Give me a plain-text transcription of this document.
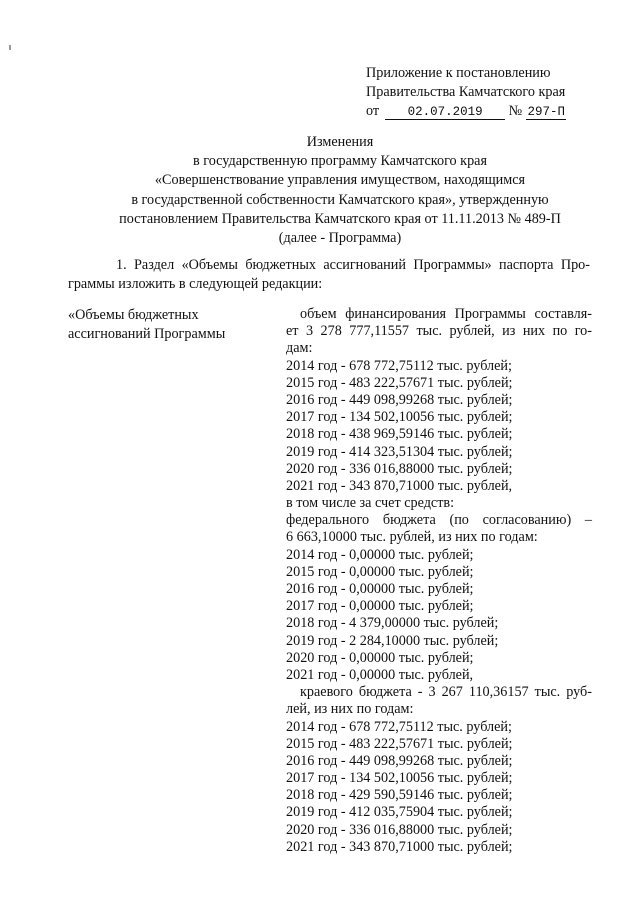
Приложение к постановлению
Правительства Камчатского края
от 02.07.2019 № 297-П
Изменения
в государственную программу Камчатского края
«Совершенствование управления имуществом, находящимся
в государственной собственности Камчатского края», утвержденную
постановлением Правительства Камчатского края от 11.11.2013 № 489-П
(далее - Программа)
1. Раздел «Объемы бюджетных ассигнований Программы» паспорта Про-
граммы изложить в следующей редакции:
«Объемы бюджетных
ассигнований Программы
объем финансирования Программы составля-
ет 3 278 777,11557 тыс. рублей, из них по го-
дам:
2014 год - 678 772,75112 тыс. рублей;
2015 год - 483 222,57671 тыс. рублей;
2016 год - 449 098,99268 тыс. рублей;
2017 год - 134 502,10056 тыс. рублей;
2018 год - 438 969,59146 тыс. рублей;
2019 год - 414 323,51304 тыс. рублей;
2020 год - 336 016,88000 тыс. рублей;
2021 год - 343 870,71000 тыс. рублей,
в том числе за счет средств:
федерального бюджета (по согласованию) –
6 663,10000 тыс. рублей, из них по годам:
2014 год - 0,00000 тыс. рублей;
2015 год - 0,00000 тыс. рублей;
2016 год - 0,00000 тыс. рублей;
2017 год - 0,00000 тыс. рублей;
2018 год - 4 379,00000 тыс. рублей;
2019 год - 2 284,10000 тыс. рублей;
2020 год - 0,00000 тыс. рублей;
2021 год - 0,00000 тыс. рублей,
краевого бюджета - 3 267 110,36157 тыс. руб-
лей, из них по годам:
2014 год - 678 772,75112 тыс. рублей;
2015 год - 483 222,57671 тыс. рублей;
2016 год - 449 098,99268 тыс. рублей;
2017 год - 134 502,10056 тыс. рублей;
2018 год - 429 590,59146 тыс. рублей;
2019 год - 412 035,75904 тыс. рублей;
2020 год - 336 016,88000 тыс. рублей;
2021 год - 343 870,71000 тыс. рублей;
